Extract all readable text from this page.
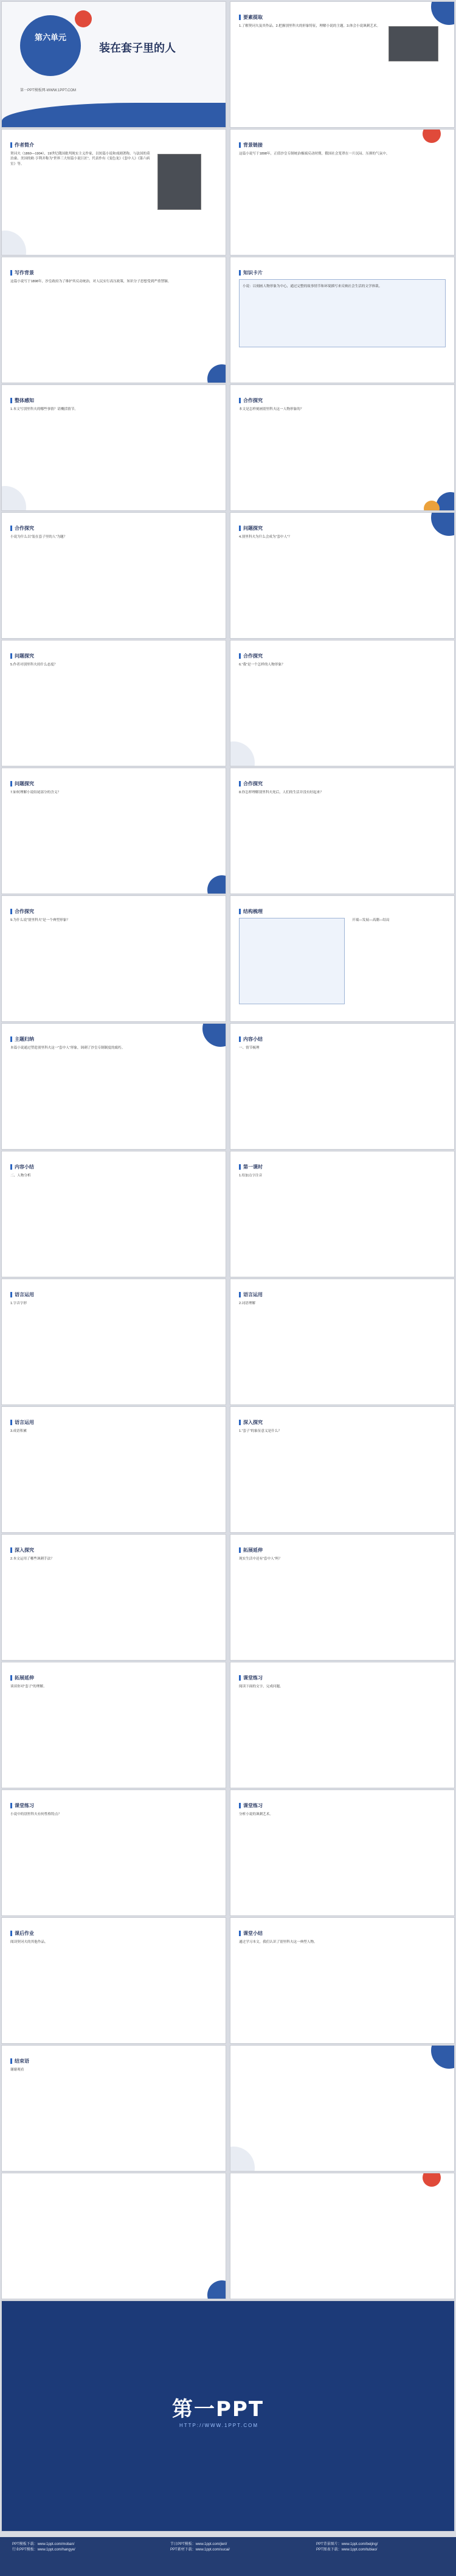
第六单元
装在套子里的人
第一PPT模板网-WWW.1PPT.COM
要素提取
1.了解契诃夫及其作品。2.把握别里科夫的形象特征，理解小说的主题。3.体会小说讽刺艺术。
作者简介
契诃夫（1860—1904），19世纪俄国批判现实主义作家，以短篇小说和戏剧著称。与法国的莫泊桑、美国的欧·亨利并称为“世界三大短篇小说巨匠”。代表作有《变色龙》《套中人》《第六病室》等。
背景链接
这篇小说写于1898年，正值沙皇专制统治极端反动时期，俄国社会笼罩在一片沉闷、压抑的气氛中。
写作背景
这篇小说写于1898年，沙皇政府为了维护其反动统治，对人民实行高压政策，知识分子思想受到严重禁锢。
知识卡片
小说：以刻画人物形象为中心，通过完整的故事情节和环境描写来反映社会生活的文学体裁。
整体感知
1.本文写别里科夫的哪些事情？请概括情节。
合作探究
本文是怎样刻画别里科夫这一人物形象的？
合作探究
小说为什么以“装在套子里的人”为题？
问题探究
4.别里科夫为什么会成为“套中人”？
问题探究
5.作者对别里科夫持什么态度？
合作探究
6.“我”是一个怎样的人物形象？
问题探究
7.如何理解小说结尾部分的含义？
合作探究
8.你怎样理解别里科夫死后，人们的生活并没有好起来？
合作探究
9.为什么说“别里科夫”是一个典型形象？
结构梳理
开端—发展—高潮—结局
主题归纳
本篇小说通过塑造别里科夫这一“套中人”形象，讽刺了沙皇专制制度的腐朽。
内容小结
一、情节梳理
内容小结
二、人物分析
第一课时
1.给加点字注音
语言运用
1.字音字形
语言运用
2.词语理解
语言运用
3.成语积累
深入探究
1.“套子”的象征意义是什么？
深入探究
2.本文运用了哪些讽刺手法？
拓展延伸
现实生活中还有“套中人”吗？
拓展延伸
谈谈你对“套子”的理解。
课堂练习
阅读下面的文字，完成问题。
课堂练习
小说中的别里科夫有何性格特点？
课堂练习
分析小说的讽刺艺术。
课后作业
阅读契诃夫的其他作品。
课堂小结
通过学习本文，我们认识了别里科夫这一典型人物。
结束语
谢谢观看
第一PPT
HTTP://WWW.1PPT.COM
PPT模板下载：www.1ppt.com/moban/
行业PPT模板：www.1ppt.com/hangye/
节日PPT模板：www.1ppt.com/jieri/
PPT素材下载：www.1ppt.com/sucai/
PPT背景图片：www.1ppt.com/beijing/
PPT图表下载：www.1ppt.com/tubiao/
